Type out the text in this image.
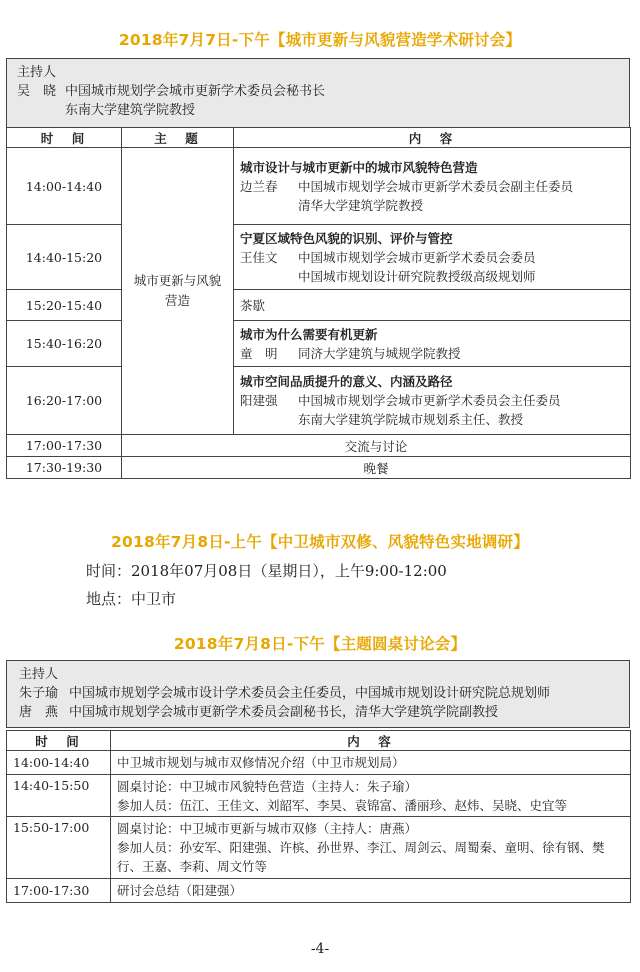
2018年7月7日-下午【城市更新与风貌营造学术研讨会】
主持人
吴　晓 中国城市规划学会城市更新学术委员会秘书长
东南大学建筑学院教授
时　间	主　题	内　容
14:00-14:40	城市更新与风貌营造	城市设计与城市更新中的城市风貌特色营造
边兰春 中国城市规划学会城市更新学术委员会副主任委员
清华大学建筑学院教授

14:40-15:20		宁夏区域特色风貌的识别、评价与管控
王佳文 中国城市规划学会城市更新学术委员会委员
中国城市规划设计研究院教授级高级规划师

15:20-15:40		茶歇
15:40-16:20		城市为什么需要有机更新
童　明 同济大学建筑与城规学院教授

16:20-17:00		城市空间品质提升的意义、内涵及路径
阳建强 中国城市规划学会城市更新学术委员会主任委员
东南大学建筑学院城市规划系主任、教授

17:00-17:30	交流与讨论	
17:30-19:30	晚餐	
2018年7月8日-上午【中卫城市双修、风貌特色实地调研】
时间：2018年07月08日（星期日），上午9:00-12:00
地点：中卫市
2018年7月8日-下午【主题圆桌讨论会】
主持人
朱子瑜 中国城市规划学会城市设计学术委员会主任委员，中国城市规划设计研究院总规划师
唐　燕 中国城市规划学会城市更新学术委员会副秘书长，清华大学建筑学院副教授
时　间	内　容
14:00-14:40	中卫城市规划与城市双修情况介绍（中卫市规划局）
14:40-15:50	圆桌讨论：中卫城市风貌特色营造（主持人：朱子瑜）
参加人员：伍江、王佳文、刘韶军、李昊、袁锦富、潘丽珍、赵炜、吴晓、史宜等

15:50-17:00	圆桌讨论：中卫城市更新与城市双修（主持人：唐燕）
参加人员：孙安军、阳建强、许槟、孙世界、李江、周剑云、周蜀秦、童明、徐有钢、樊行、王嘉、李莉、周文竹等

17:00-17:30	研讨会总结（阳建强）
-4-
